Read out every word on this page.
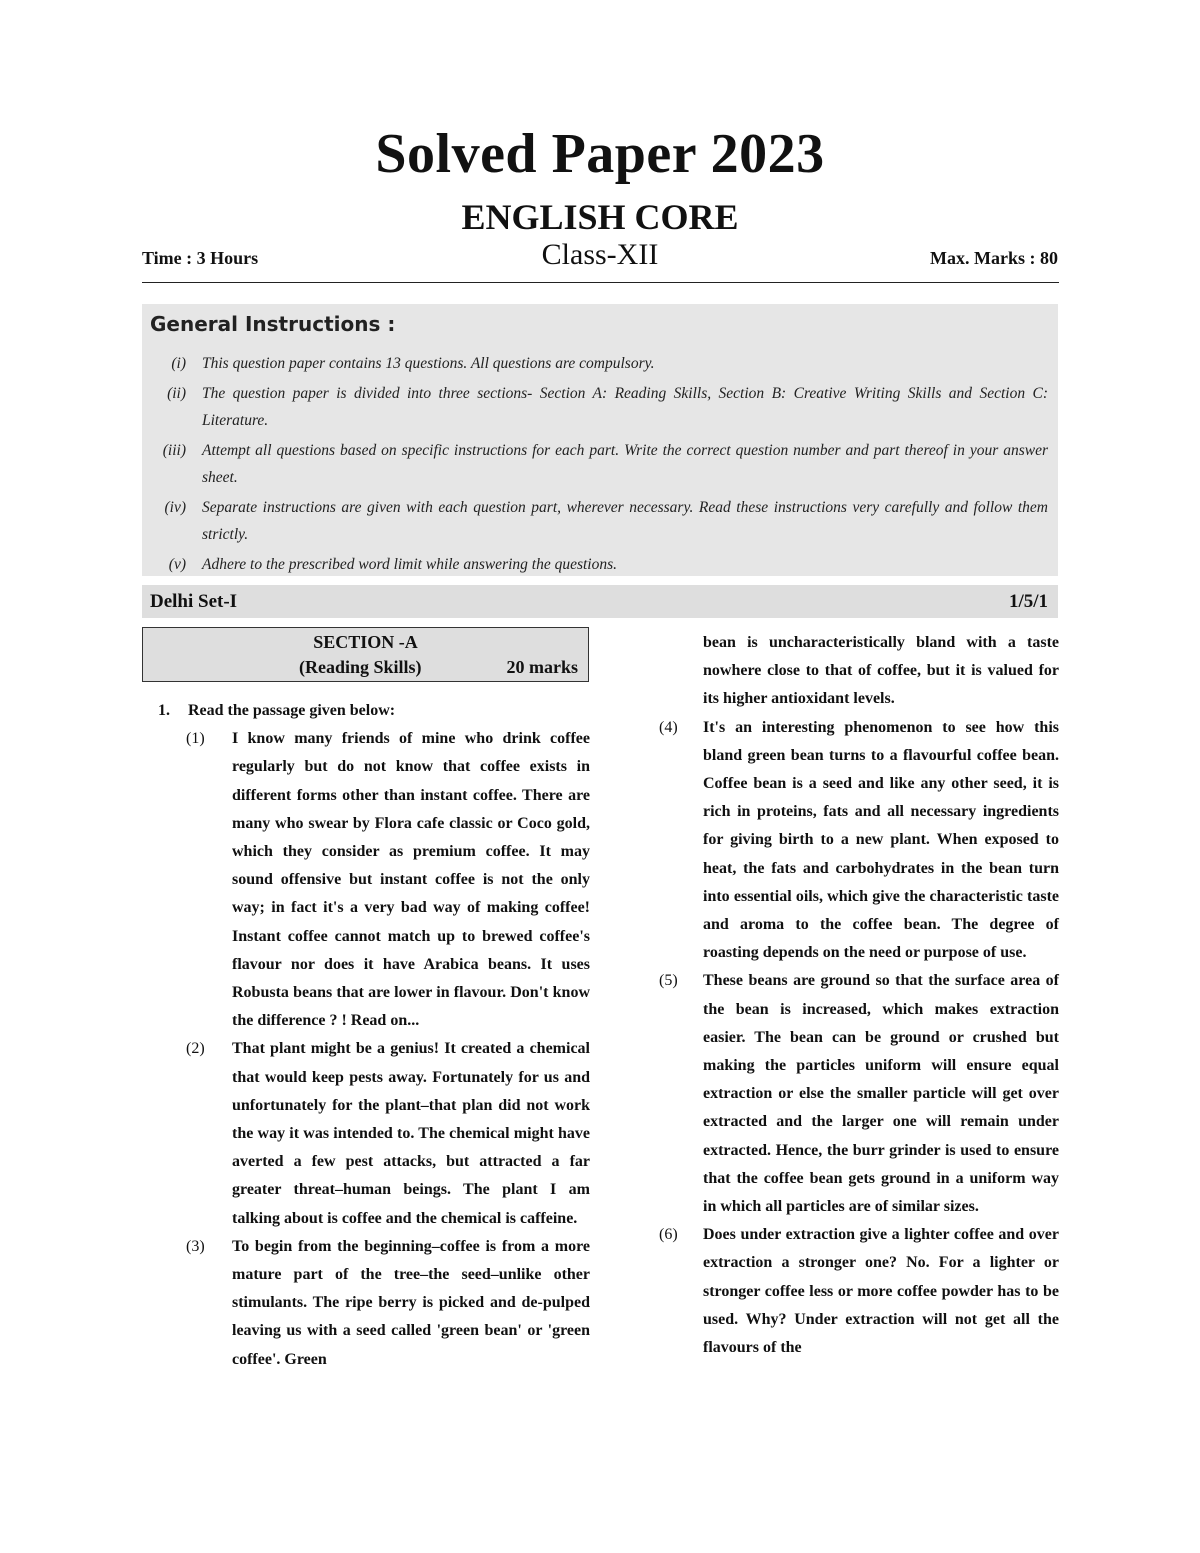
Solved Paper 2023
ENGLISH CORE
Time : 3 Hours	Class-XII	Max. Marks : 80
General Instructions :
(i) This question paper contains 13 questions. All questions are compulsory.
(ii) The question paper is divided into three sections- Section A: Reading Skills, Section B: Creative Writing Skills and Section C: Literature.
(iii) Attempt all questions based on specific instructions for each part. Write the correct question number and part thereof in your answer sheet.
(iv) Separate instructions are given with each question part, wherever necessary. Read these instructions very carefully and follow them strictly.
(v) Adhere to the prescribed word limit while answering the questions.
Delhi Set-I	1/5/1
SECTION -A
(Reading Skills)	20 marks
1. Read the passage given below:
(1) I know many friends of mine who drink coffee regularly but do not know that coffee exists in different forms other than instant coffee. There are many who swear by Flora cafe classic or Coco gold, which they consider as premium coffee. It may sound offensive but instant coffee is not the only way; in fact it's a very bad way of making coffee! Instant coffee cannot match up to brewed coffee's flavour nor does it have Arabica beans. It uses Robusta beans that are lower in flavour. Don't know the difference ? ! Read on...
(2) That plant might be a genius! It created a chemical that would keep pests away. Fortunately for us and unfortunately for the plant–that plan did not work the way it was intended to. The chemical might have averted a few pest attacks, but attracted a far greater threat–human beings. The plant I am talking about is coffee and the chemical is caffeine.
(3) To begin from the beginning–coffee is from a more mature part of the tree–the seed–unlike other stimulants. The ripe berry is picked and de-pulped leaving us with a seed called 'green bean' or 'green coffee'. Green
bean is uncharacteristically bland with a taste nowhere close to that of coffee, but it is valued for its higher antioxidant levels.
(4) It's an interesting phenomenon to see how this bland green bean turns to a flavourful coffee bean. Coffee bean is a seed and like any other seed, it is rich in proteins, fats and all necessary ingredients for giving birth to a new plant. When exposed to heat, the fats and carbohydrates in the bean turn into essential oils, which give the characteristic taste and aroma to the coffee bean. The degree of roasting depends on the need or purpose of use.
(5) These beans are ground so that the surface area of the bean is increased, which makes extraction easier. The bean can be ground or crushed but making the particles uniform will ensure equal extraction or else the smaller particle will get over extracted and the larger one will remain under extracted. Hence, the burr grinder is used to ensure that the coffee bean gets ground in a uniform way in which all particles are of similar sizes.
(6) Does under extraction give a lighter coffee and over extraction a stronger one? No. For a lighter or stronger coffee less or more coffee powder has to be used. Why? Under extraction will not get all the flavours of the
